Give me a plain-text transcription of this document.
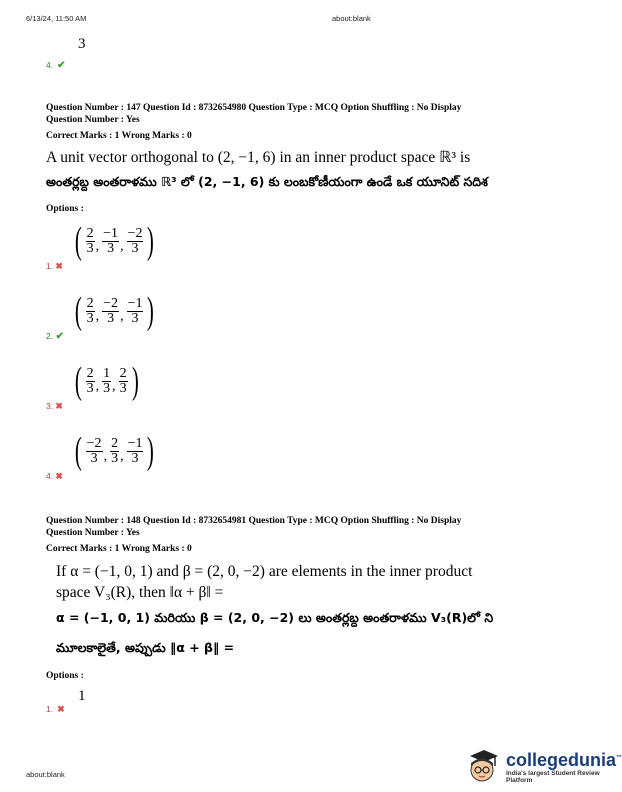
6/13/24, 11:50 AM	about:blank
3
4. ✔
Question Number : 147 Question Id : 8732654980 Question Type : MCQ Option Shuffling : No Display
Question Number : Yes
Correct Marks : 1 Wrong Marks : 0
A unit vector orthogonal to (2, −1, 6) in an inner product space ℝ³ is
అంతర్లబ్ద అంతరాళము ℝ³ లో (2, −1, 6) కు లంబకోణీయంగా ఉండే ఒక యూనిట్ సదిశ
Options :
( $\frac{2}{3}$ , $\frac{-1}{3}$ , $\frac{-2}{3}$ )
1. ✖
( $\frac{2}{3}$ , $\frac{-2}{3}$ , $\frac{-1}{3}$ )
2. ✔
( $\frac{2}{3}$ , $\frac{1}{3}$ , $\frac{2}{3}$ )
3. ✖
( $\frac{-2}{3}$ , $\frac{2}{3}$ , $\frac{-1}{3}$ )
4. ✖
Question Number : 148 Question Id : 8732654981 Question Type : MCQ Option Shuffling : No Display
Question Number : Yes
Correct Marks : 1 Wrong Marks : 0
If α = (−1, 0, 1) and β = (2, 0, −2) are elements in the inner product
space V₃(R), then ‖α + β‖ =
α = (−1, 0, 1) మరియు β = (2, 0, −2) లు అంతర్లబ్ద అంతరాళము V₃(R)లో ని
మూలకాలైతే, అప్పుడు ‖α + β‖ =
Options :
1
1. ✖
about:blank
collegedunia™
India's largest Student Review Platform
